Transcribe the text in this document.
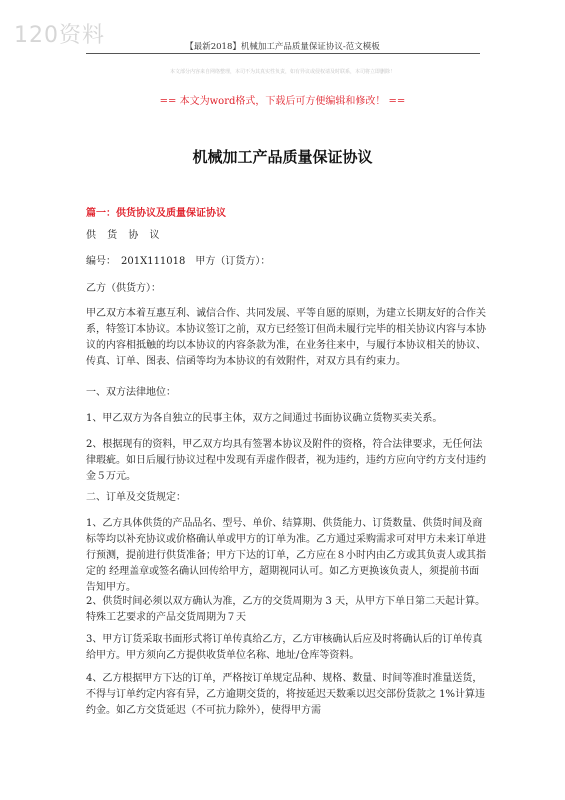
120资料	【最新2018】机械加工产品质量保证协议-范文模板
本文部分内容来自网络整理，本司不为其真实性负责，如有异议或侵权请及时联系，本司将立即删除！
== 本文为word格式，下载后可方便编辑和修改！ ==
机械加工产品质量保证协议
篇一：供货协议及质量保证协议

供 货 协 议

编号：　201X111018　甲方（订货方）：

乙方（供货方）：

甲乙双方本着互惠互利、诚信合作、共同发展、平等自愿的原则，为建立长期友好的合作关系，特签订本协议。本协议签订之前，双方已经签订但尚未履行完毕的相关协议内容与本协议的内容相抵触的均以本协议的内容条款为准，在业务往来中，与履行本协议相关的协议、传真、订单、图表、信函等均为本协议的有效附件，对双方具有约束力。

一、双方法律地位：

1、甲乙双方为各自独立的民事主体，双方之间通过书面协议确立货物买卖关系。

2、根据现有的资料，甲乙双方均具有签署本协议及附件的资格，符合法律要求，无任何法律瑕疵。如日后履行协议过程中发现有弄虚作假者，视为违约，违约方应向守约方支付违约金５万元。

二、订单及交货规定：

1、乙方具体供货的产品品名、型号、单价、结算期、供货能力、订货数量、供货时间及商标等均以补充协议或价格确认单或甲方的订单为准。乙方通过采购需求可对甲方未来订单进行预测，提前进行供货准备；甲方下达的订单，乙方应在８小时内由乙方或其负责人或其指定的 经理盖章或签名确认回传给甲方，超期视同认可。如乙方更换该负责人，须提前书面告知甲方。

2、供货时间必须以双方确认为准，乙方的交货周期为 3 天，从甲方下单日第二天起计算。特殊工艺要求的产品交货周期为７天

3、甲方订货采取书面形式将订单传真给乙方，乙方审核确认后应及时将确认后的订单传真给甲方。甲方须向乙方提供收货单位名称、地址/仓库等资料。

4、乙方根据甲方下达的订单，严格按订单规定品种、规格、数量、时间等准时准量送货，不得与订单约定内容有异，乙方逾期交货的，将按延迟天数乘以迟交部份货款之 1%计算违约金。如乙方交货延迟（不可抗力除外），使得甲方需
